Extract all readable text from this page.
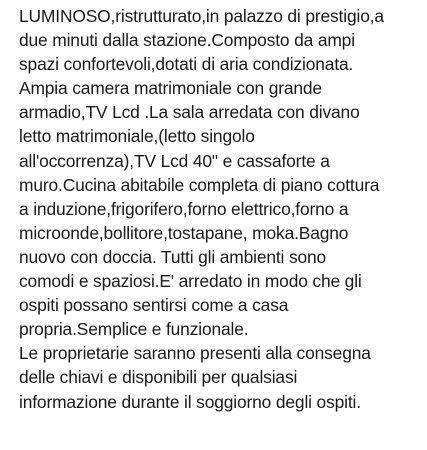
LUMINOSO,ristrutturato,in palazzo di prestigio,a
due minuti dalla stazione.Composto da ampi
spazi confortevoli,dotati di aria condizionata.
Ampia camera matrimoniale con grande
armadio,TV Lcd .La sala arredata con divano
letto matrimoniale,(letto singolo
all'occorrenza),TV Lcd 40" e cassaforte a
muro.Cucina abitabile completa di piano cottura
a induzione,frigorifero,forno elettrico,forno a
microonde,bollitore,tostapane, moka.Bagno
nuovo con doccia. Tutti gli ambienti sono
comodi e spaziosi.E' arredato in modo che gli
ospiti possano sentirsi come a casa
propria.Semplice e funzionale.
Le proprietarie saranno presenti alla consegna
delle chiavi e disponibili per qualsiasi
informazione durante il soggiorno degli ospiti.
